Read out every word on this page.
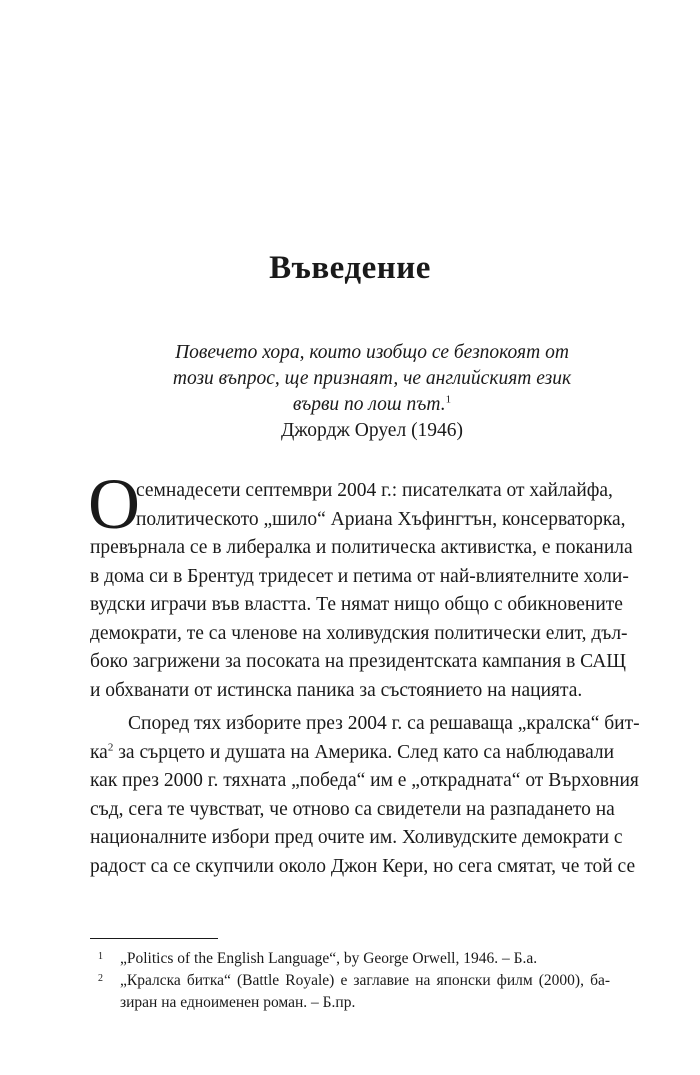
Въведение
Повечето хора, които изобщо се безпокоят от
този въпрос, ще признаят, че английският език
върви по лош път.$^1$
Джордж Оруел (1946)
О
семнадесети септември 2004 г.: писателката от хайлайфа,
политическото „шило“ Ариана Хъфингтън, консерваторка,
превърнала се в либералка и политическа активистка, е поканила
в дома си в Брентуд тридесет и петима от най-влиятелните холи-
вудски играчи във властта. Те нямат нищо общо с обикновените
демократи, те са членове на холивудския политически елит, дъл-
боко загрижени за посоката на президентската кампания в САЩ
и обхванати от истинска паника за състоянието на нацията.
Според тях изборите през 2004 г. са решаваща „кралска“ бит-
$ка^2$ за сърцето и душата на Америка. След като са наблюдавали
как през 2000 г. тяхната „победа“ им е „открадната“ от Върховния
съд, сега те чувстват, че отново са свидетели на разпадането на
националните избори пред очите им. Холивудските демократи с
радост са се скупчили около Джон Кери, но сега смятат, че той се
1 „Politics of the English Language“, by George Orwell, 1946. – Б.а.
2 „Кралска битка“ (Battle Royale) е заглавие на японски филм (2000), ба-
зиран на едноименен роман. – Б.пр.
